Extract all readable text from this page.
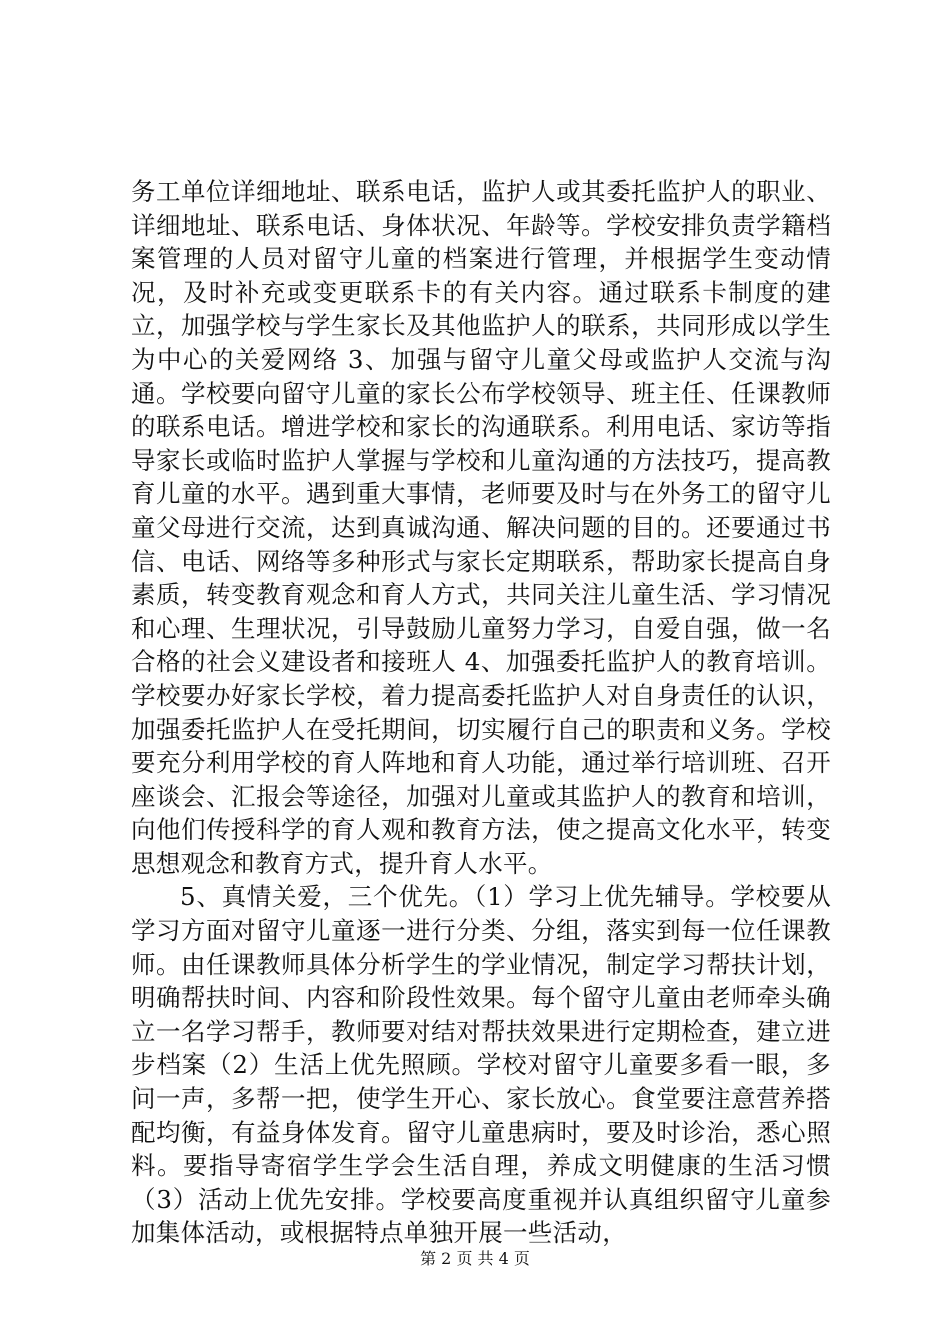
务工单位详细地址、联系电话，监护人或其委托监护人的职业、详细地址、联系电话、身体状况、年龄等。学校安排负责学籍档案管理的人员对留守儿童的档案进行管理，并根据学生变动情况，及时补充或变更联系卡的有关内容。通过联系卡制度的建立，加强学校与学生家长及其他监护人的联系，共同形成以学生为中心的关爱网络 3、加强与留守儿童父母或监护人交流与沟通。学校要向留守儿童的家长公布学校领导、班主任、任课教师的联系电话。增进学校和家长的沟通联系。利用电话、家访等指导家长或临时监护人掌握与学校和儿童沟通的方法技巧，提高教育儿童的水平。遇到重大事情，老师要及时与在外务工的留守儿童父母进行交流，达到真诚沟通、解决问题的目的。还要通过书信、电话、网络等多种形式与家长定期联系，帮助家长提高自身素质，转变教育观念和育人方式，共同关注儿童生活、学习情况和心理、生理状况，引导鼓励儿童努力学习，自爱自强，做一名合格的社会义建设者和接班人 4、加强委托监护人的教育培训。学校要办好家长学校，着力提高委托监护人对自身责任的认识，加强委托监护人在受托期间，切实履行自己的职责和义务。学校要充分利用学校的育人阵地和育人功能，通过举行培训班、召开座谈会、汇报会等途径，加强对儿童或其监护人的教育和培训，向他们传授科学的育人观和教育方法，使之提高文化水平，转变思想观念和教育方式，提升育人水平。

5、真情关爱，三个优先。（1）学习上优先辅导。学校要从学习方面对留守儿童逐一进行分类、分组，落实到每一位任课教师。由任课教师具体分析学生的学业情况，制定学习帮扶计划，明确帮扶时间、内容和阶段性效果。每个留守儿童由老师牵头确立一名学习帮手，教师要对结对帮扶效果进行定期检查，建立进步档案（2）生活上优先照顾。学校对留守儿童要多看一眼，多问一声，多帮一把，使学生开心、家长放心。食堂要注意营养搭配均衡，有益身体发育。留守儿童患病时，要及时诊治，悉心照料。要指导寄宿学生学会生活自理，养成文明健康的生活习惯（3）活动上优先安排。学校要高度重视并认真组织留守儿童参加集体活动，或根据特点单独开展一些活动，

第 2 页 共 4 页
